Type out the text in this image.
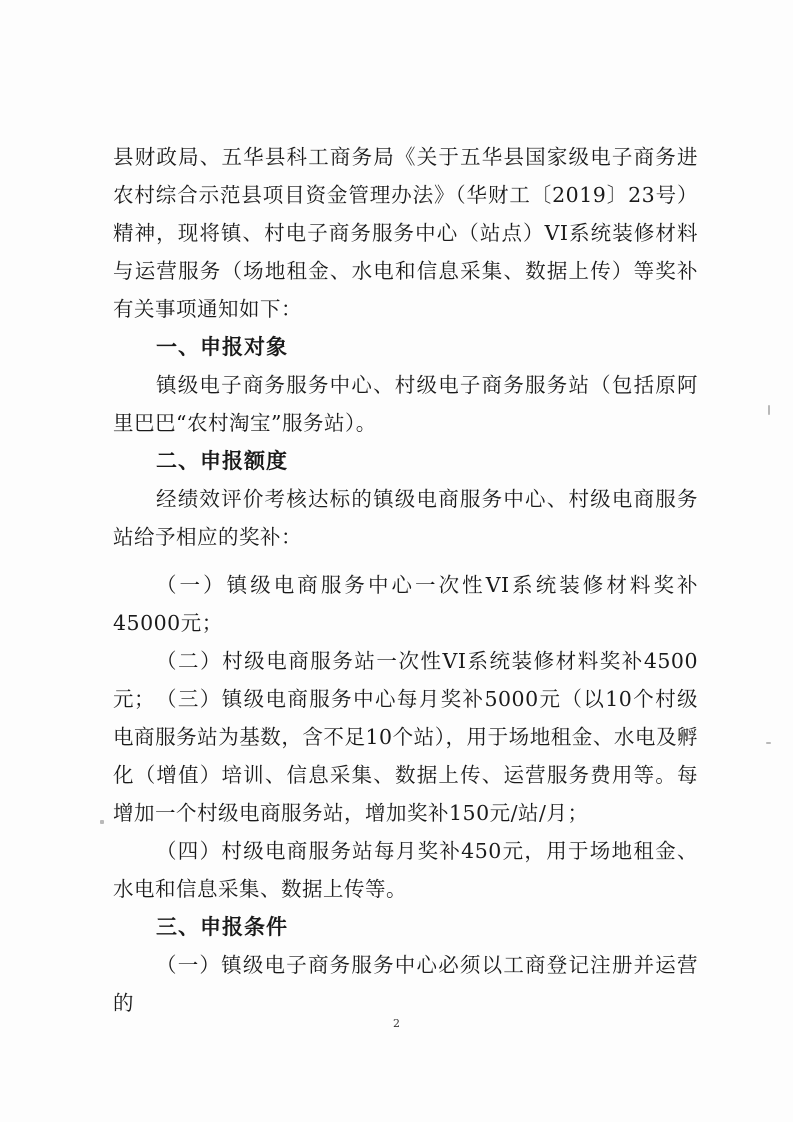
县财政局、五华县科工商务局《关于五华县国家级电子商务进农村综合示范县项目资金管理办法》（华财工〔2019〕23号）精神，现将镇、村电子商务服务中心（站点）VI系统装修材料与运营服务（场地租金、水电和信息采集、数据上传）等奖补有关事项通知如下：

一、申报对象

镇级电子商务服务中心、村级电子商务服务站（包括原阿里巴巴“农村淘宝”服务站）。

二、申报额度

经绩效评价考核达标的镇级电商服务中心、村级电商服务站给予相应的奖补：

（一）镇级电商服务中心一次性VI系统装修材料奖补45000元；

（二）村级电商服务站一次性VI系统装修材料奖补4500元； （三）镇级电商服务中心每月奖补5000元（以10个村级电商服务站为基数，含不足10个站），用于场地租金、水电及孵化（增值）培训、信息采集、数据上传、运营服务费用等。每增加一个村级电商服务站，增加奖补150元/站/月；

（四）村级电商服务站每月奖补450元，用于场地租金、水电和信息采集、数据上传等。

三、申报条件

（一）镇级电子商务服务中心必须以工商登记注册并运营的

2
